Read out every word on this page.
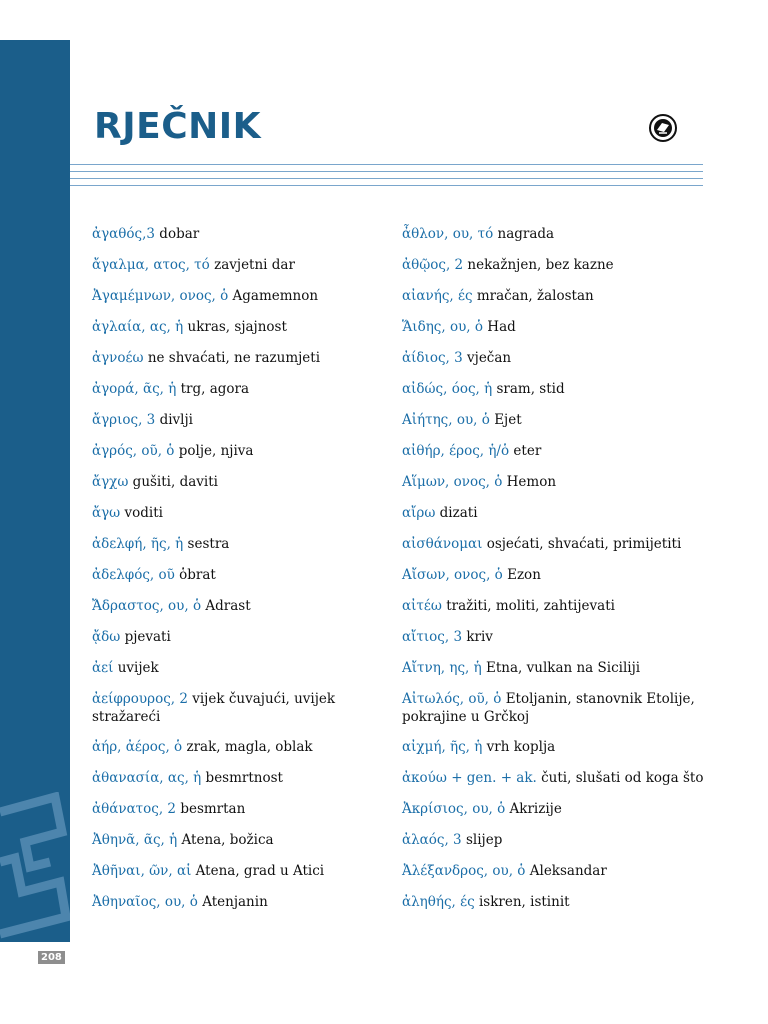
208
RJEČNIK
ἀγαθός,3 dobar
ἄγαλμα, ατος, τό zavjetni dar
Ἀγαμέμνων, ονος, ὁ Agamemnon
ἀγλαία, ας, ἡ ukras, sjajnost
ἀγνοέω ne shvaćati, ne razumjeti
ἀγορά, ᾶς, ἡ trg, agora
ἄγριος, 3 divlji
ἀγρός, οῦ, ὁ polje, njiva
ἄγχω gušiti, daviti
ἄγω voditi
ἀδελφή, ῆς, ἡ sestra
ἀδελφός, οῦ ὁbrat
Ἄδραστος, ου, ὁ Adrast
ᾄδω pjevati
ἀεί uvijek
ἀείφρουρος, 2 vijek čuvajući, uvijek stražareći
ἀήρ, ἀέρος, ὁ zrak, magla, oblak
ἀθανασία, ας, ἡ besmrtnost
ἀθάνατος, 2 besmrtan
Ἀθηνᾶ, ᾶς, ἡ Atena, božica
Ἀθῆναι, ῶν, αἱ Atena, grad u Atici
Ἀθηναῖος, ου, ὁ Atenjanin
ἆθλον, ου, τό nagrada
ἀθῷος, 2 nekažnjen, bez kazne
αἰανής, ές mračan, žalostan
Ἅιδης, ου, ὁ Had
ἀίδιος, 3 vječan
αἰδώς, όος, ἡ sram, stid
Αἰήτης, ου, ὁ Ejet
αἰθήρ, έρος, ἡ/ὁ eter
Αἵμων, ονος, ὁ Hemon
αἴρω dizati
αἰσθάνομαι osjećati, shvaćati, primijetiti
Αἴσων, ονος, ὁ Ezon
αἰτέω tražiti, moliti, zahtijevati
αἴτιος, 3 kriv
Αἴτνη, ης, ἡ Etna, vulkan na Siciliji
Αἰτωλός, οῦ, ὁ Etoljanin, stanovnik Etolije, pokrajine u Grčkoj
αἰχμή, ῆς, ἡ vrh koplja
ἀκούω + gen. + ak. čuti, slušati od koga što
Ἀκρίσιος, ου, ὁ Akrizije
ἀλαός, 3 slijep
Ἀλέξανδρος, ου, ὁ Aleksandar
ἀληθής, ές iskren, istinit
